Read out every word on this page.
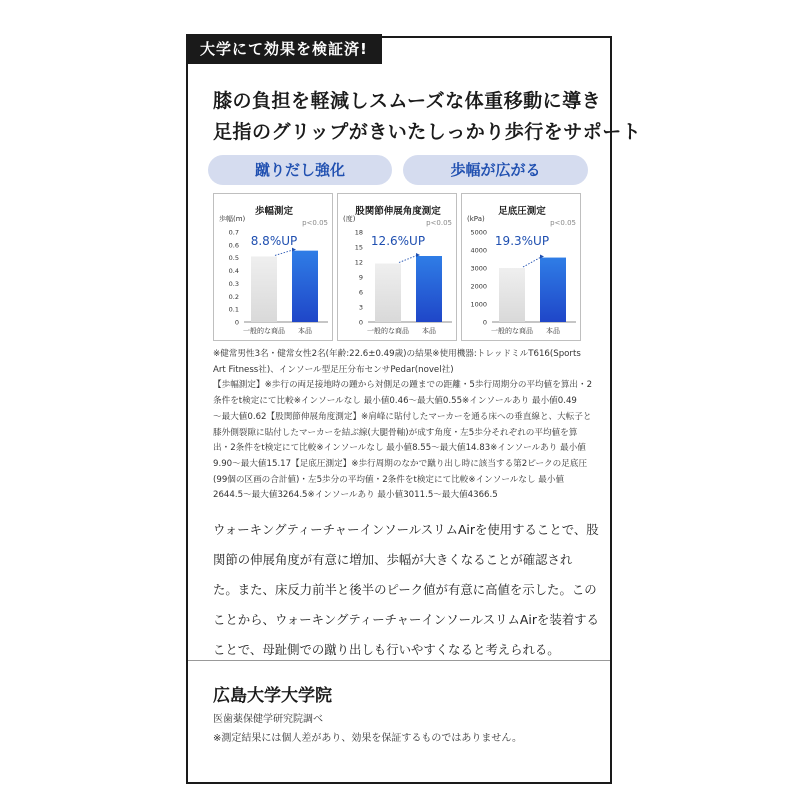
大学にて効果を検証済!
膝の負担を軽減しスムーズな体重移動に導き
足指のグリップがきいたしっかり歩行をサポート
蹴りだし強化	歩幅が広がる
歩幅測定
歩幅(m)	p<0.05
0.7
0.6
0.5
0.4
0.3
0.2
0.1
0
8.8%UP
一般的な商品 本品
股関節伸展角度測定
(度)	p<0.05
18
15
12
9
6
3
0
12.6%UP
一般的な商品 本品
足底圧測定
(kPa)	p<0.05
5000
4000
3000
2000
1000
0
19.3%UP
一般的な商品 本品
※健常男性3名・健常女性2名(年齢:22.6±0.49歳)の結果※使用機器:トレッドミルT616(Sports
Art Fitness社)、インソール型足圧分布センサPedar(novel社)
【歩幅測定】※歩行の両足接地時の踵から対側足の踵までの距離・5歩行周期分の平均値を算出・2
条件をt検定にて比較※インソールなし 最小値0.46〜最大値0.55※インソールあり 最小値0.49
〜最大値0.62【股関節伸展角度測定】※肩峰に貼付したマーカーを通る床への垂直線と、大転子と
膝外側裂隙に貼付したマーカーを結ぶ線(大腿骨軸)が成す角度・左5歩分それぞれの平均値を算
出・2条件をt検定にて比較※インソールなし 最小値8.55〜最大値14.83※インソールあり 最小値
9.90〜最大値15.17【足底圧測定】※歩行周期のなかで蹴り出し時に該当する第2ピークの足底圧
(99個の区画の合計値)・左5歩分の平均値・2条件をt検定にて比較※インソールなし 最小値
2644.5〜最大値3264.5※インソールあり 最小値3011.5〜最大値4366.5
ウォーキングティーチャーインソールスリムAirを使用することで、股
関節の伸展角度が有意に増加、歩幅が大きくなることが確認され
た。また、床反力前半と後半のピーク値が有意に高値を示した。この
ことから、ウォーキングティーチャーインソールスリムAirを装着する
ことで、母趾側での蹴り出しも行いやすくなると考えられる。
広島大学大学院
医歯薬保健学研究院調べ
※測定結果には個人差があり、効果を保証するものではありません。
